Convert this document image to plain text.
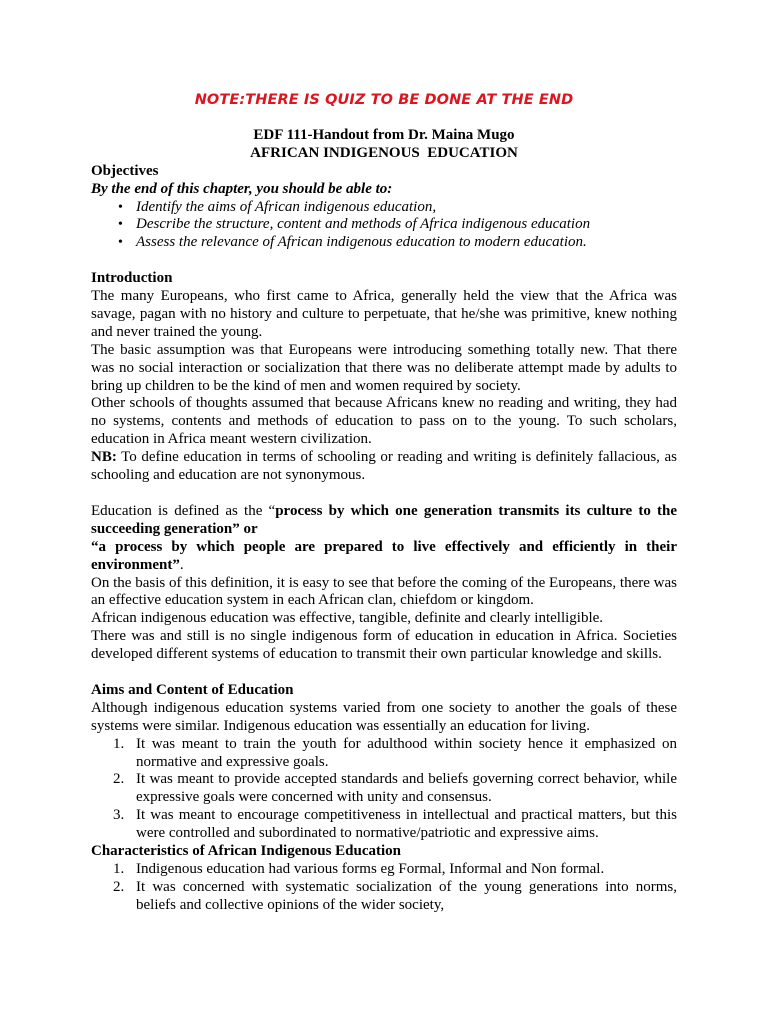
NOTE:THERE IS QUIZ TO BE DONE AT THE END
EDF 111-Handout from Dr. Maina Mugo
AFRICAN INDIGENOUS  EDUCATION
Objectives
By the end of this chapter, you should be able to:
• Identify the aims of African indigenous education,
• Describe the structure, content and methods of Africa indigenous education
• Assess the relevance of African indigenous education to modern education.
Introduction

The many Europeans, who first came to Africa, generally held the view that the Africa was savage, pagan with no history and culture to perpetuate, that he/she was primitive, knew nothing and never trained the young.

The basic assumption was that Europeans were introducing something totally new. That there was no social interaction or socialization that there was no deliberate attempt made by adults to bring up children to be the kind of men and women required by society.

Other schools of thoughts assumed that because Africans knew no reading and writing, they had no systems, contents and methods of education to pass on to the young. To such scholars, education in Africa meant western civilization.

NB: To define education in terms of schooling or reading and writing is definitely fallacious, as schooling and education are not synonymous.

Education is defined as the “process by which one generation transmits its culture to the succeeding generation” or

“a process by which people are prepared to live effectively and efficiently in their environment”.

On the basis of this definition, it is easy to see that before the coming of the Europeans, there was an effective education system in each African clan, chiefdom or kingdom.

African indigenous education was effective, tangible, definite and clearly intelligible.

There was and still is no single indigenous form of education in education in Africa. Societies developed different systems of education to transmit their own particular knowledge and skills.

Aims and Content of Education

Although indigenous education systems varied from one society to another the goals of these systems were similar. Indigenous education was essentially an education for living.

1. It was meant to train the youth for adulthood within society hence it emphasized on normative and expressive goals.
2. It was meant to provide accepted standards and beliefs governing correct behavior, while expressive goals were concerned with unity and consensus.
3. It was meant to encourage competitiveness in intellectual and practical matters, but this were controlled and subordinated to normative/patriotic and expressive aims.
Characteristics of African Indigenous Education
1. Indigenous education had various forms eg Formal, Informal and Non formal.
2. It was concerned with systematic socialization of the young generations into norms, beliefs and collective opinions of the wider society,
